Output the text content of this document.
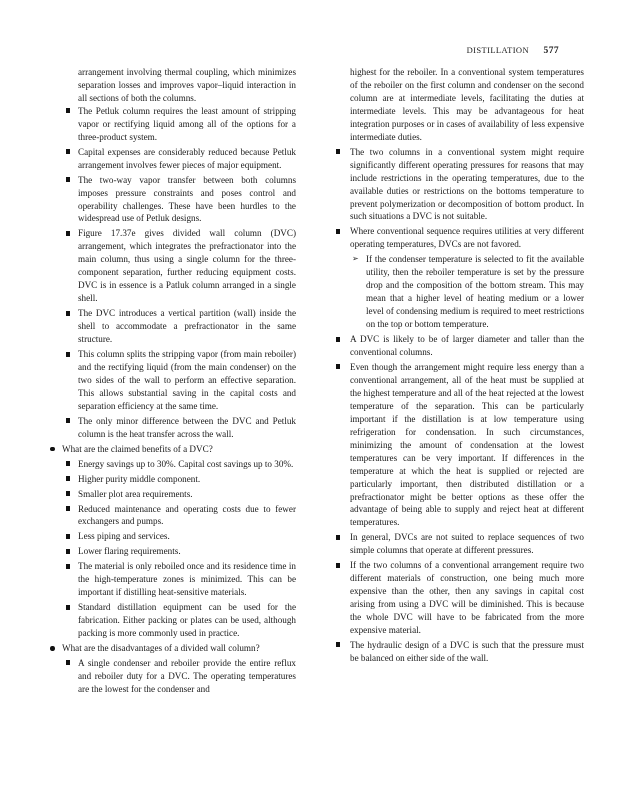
DISTILLATION 577

arrangement involving thermal coupling, which minimizes separation losses and improves vapor–liquid interaction in all sections of both the columns.

The Petluk column requires the least amount of stripping vapor or rectifying liquid among all of the options for a three-product system.
Capital expenses are considerably reduced because Petluk arrangement involves fewer pieces of major equipment.
The two-way vapor transfer between both columns imposes pressure constraints and poses control and operability challenges. These have been hurdles to the widespread use of Petluk designs.
Figure 17.37e gives divided wall column (DVC) arrangement, which integrates the prefractionator into the main column, thus using a single column for the three-component separation, further reducing equipment costs. DVC is in essence is a Patluk column arranged in a single shell.
The DVC introduces a vertical partition (wall) inside the shell to accommodate a prefractionator in the same structure.
This column splits the stripping vapor (from main reboiler) and the rectifying liquid (from the main condenser) on the two sides of the wall to perform an effective separation. This allows substantial saving in the capital costs and separation efficiency at the same time.
The only minor difference between the DVC and Petluk column is the heat transfer across the wall.
What are the claimed benefits of a DVC?
Energy savings up to 30%. Capital cost savings up to 30%.
Higher purity middle component.
Smaller plot area requirements.
Reduced maintenance and operating costs due to fewer exchangers and pumps.
Less piping and services.
Lower flaring requirements.
The material is only reboiled once and its residence time in the high-temperature zones is minimized. This can be important if distilling heat-sensitive materials.
Standard distillation equipment can be used for the fabrication. Either packing or plates can be used, although packing is more commonly used in practice.
What are the disadvantages of a divided wall column?
A single condenser and reboiler provide the entire reflux and reboiler duty for a DVC. The operating temperatures are the lowest for the condenser and

highest for the reboiler. In a conventional system temperatures of the reboiler on the first column and condenser on the second column are at intermediate levels, facilitating the duties at intermediate levels. This may be advantageous for heat integration purposes or in cases of availability of less expensive intermediate duties.

The two columns in a conventional system might require significantly different operating pressures for reasons that may include restrictions in the operating temperatures, due to the available duties or restrictions on the bottoms temperature to prevent polymerization or decomposition of bottom product. In such situations a DVC is not suitable.
Where conventional sequence requires utilities at very different operating temperatures, DVCs are not favored.
➢ If the condenser temperature is selected to fit the available utility, then the reboiler temperature is set by the pressure drop and the composition of the bottom stream. This may mean that a higher level of heating medium or a lower level of condensing medium is required to meet restrictions on the top or bottom temperature.
A DVC is likely to be of larger diameter and taller than the conventional columns.
Even though the arrangement might require less energy than a conventional arrangement, all of the heat must be supplied at the highest temperature and all of the heat rejected at the lowest temperature of the separation. This can be particularly important if the distillation is at low temperature using refrigeration for condensation. In such circumstances, minimizing the amount of condensation at the lowest temperatures can be very important. If differences in the temperature at which the heat is supplied or rejected are particularly important, then distributed distillation or a prefractionator might be better options as these offer the advantage of being able to supply and reject heat at different temperatures.
In general, DVCs are not suited to replace sequences of two simple columns that operate at different pressures.
If the two columns of a conventional arrangement require two different materials of construction, one being much more expensive than the other, then any savings in capital cost arising from using a DVC will be diminished. This is because the whole DVC will have to be fabricated from the more expensive material.
The hydraulic design of a DVC is such that the pressure must be balanced on either side of the wall.
